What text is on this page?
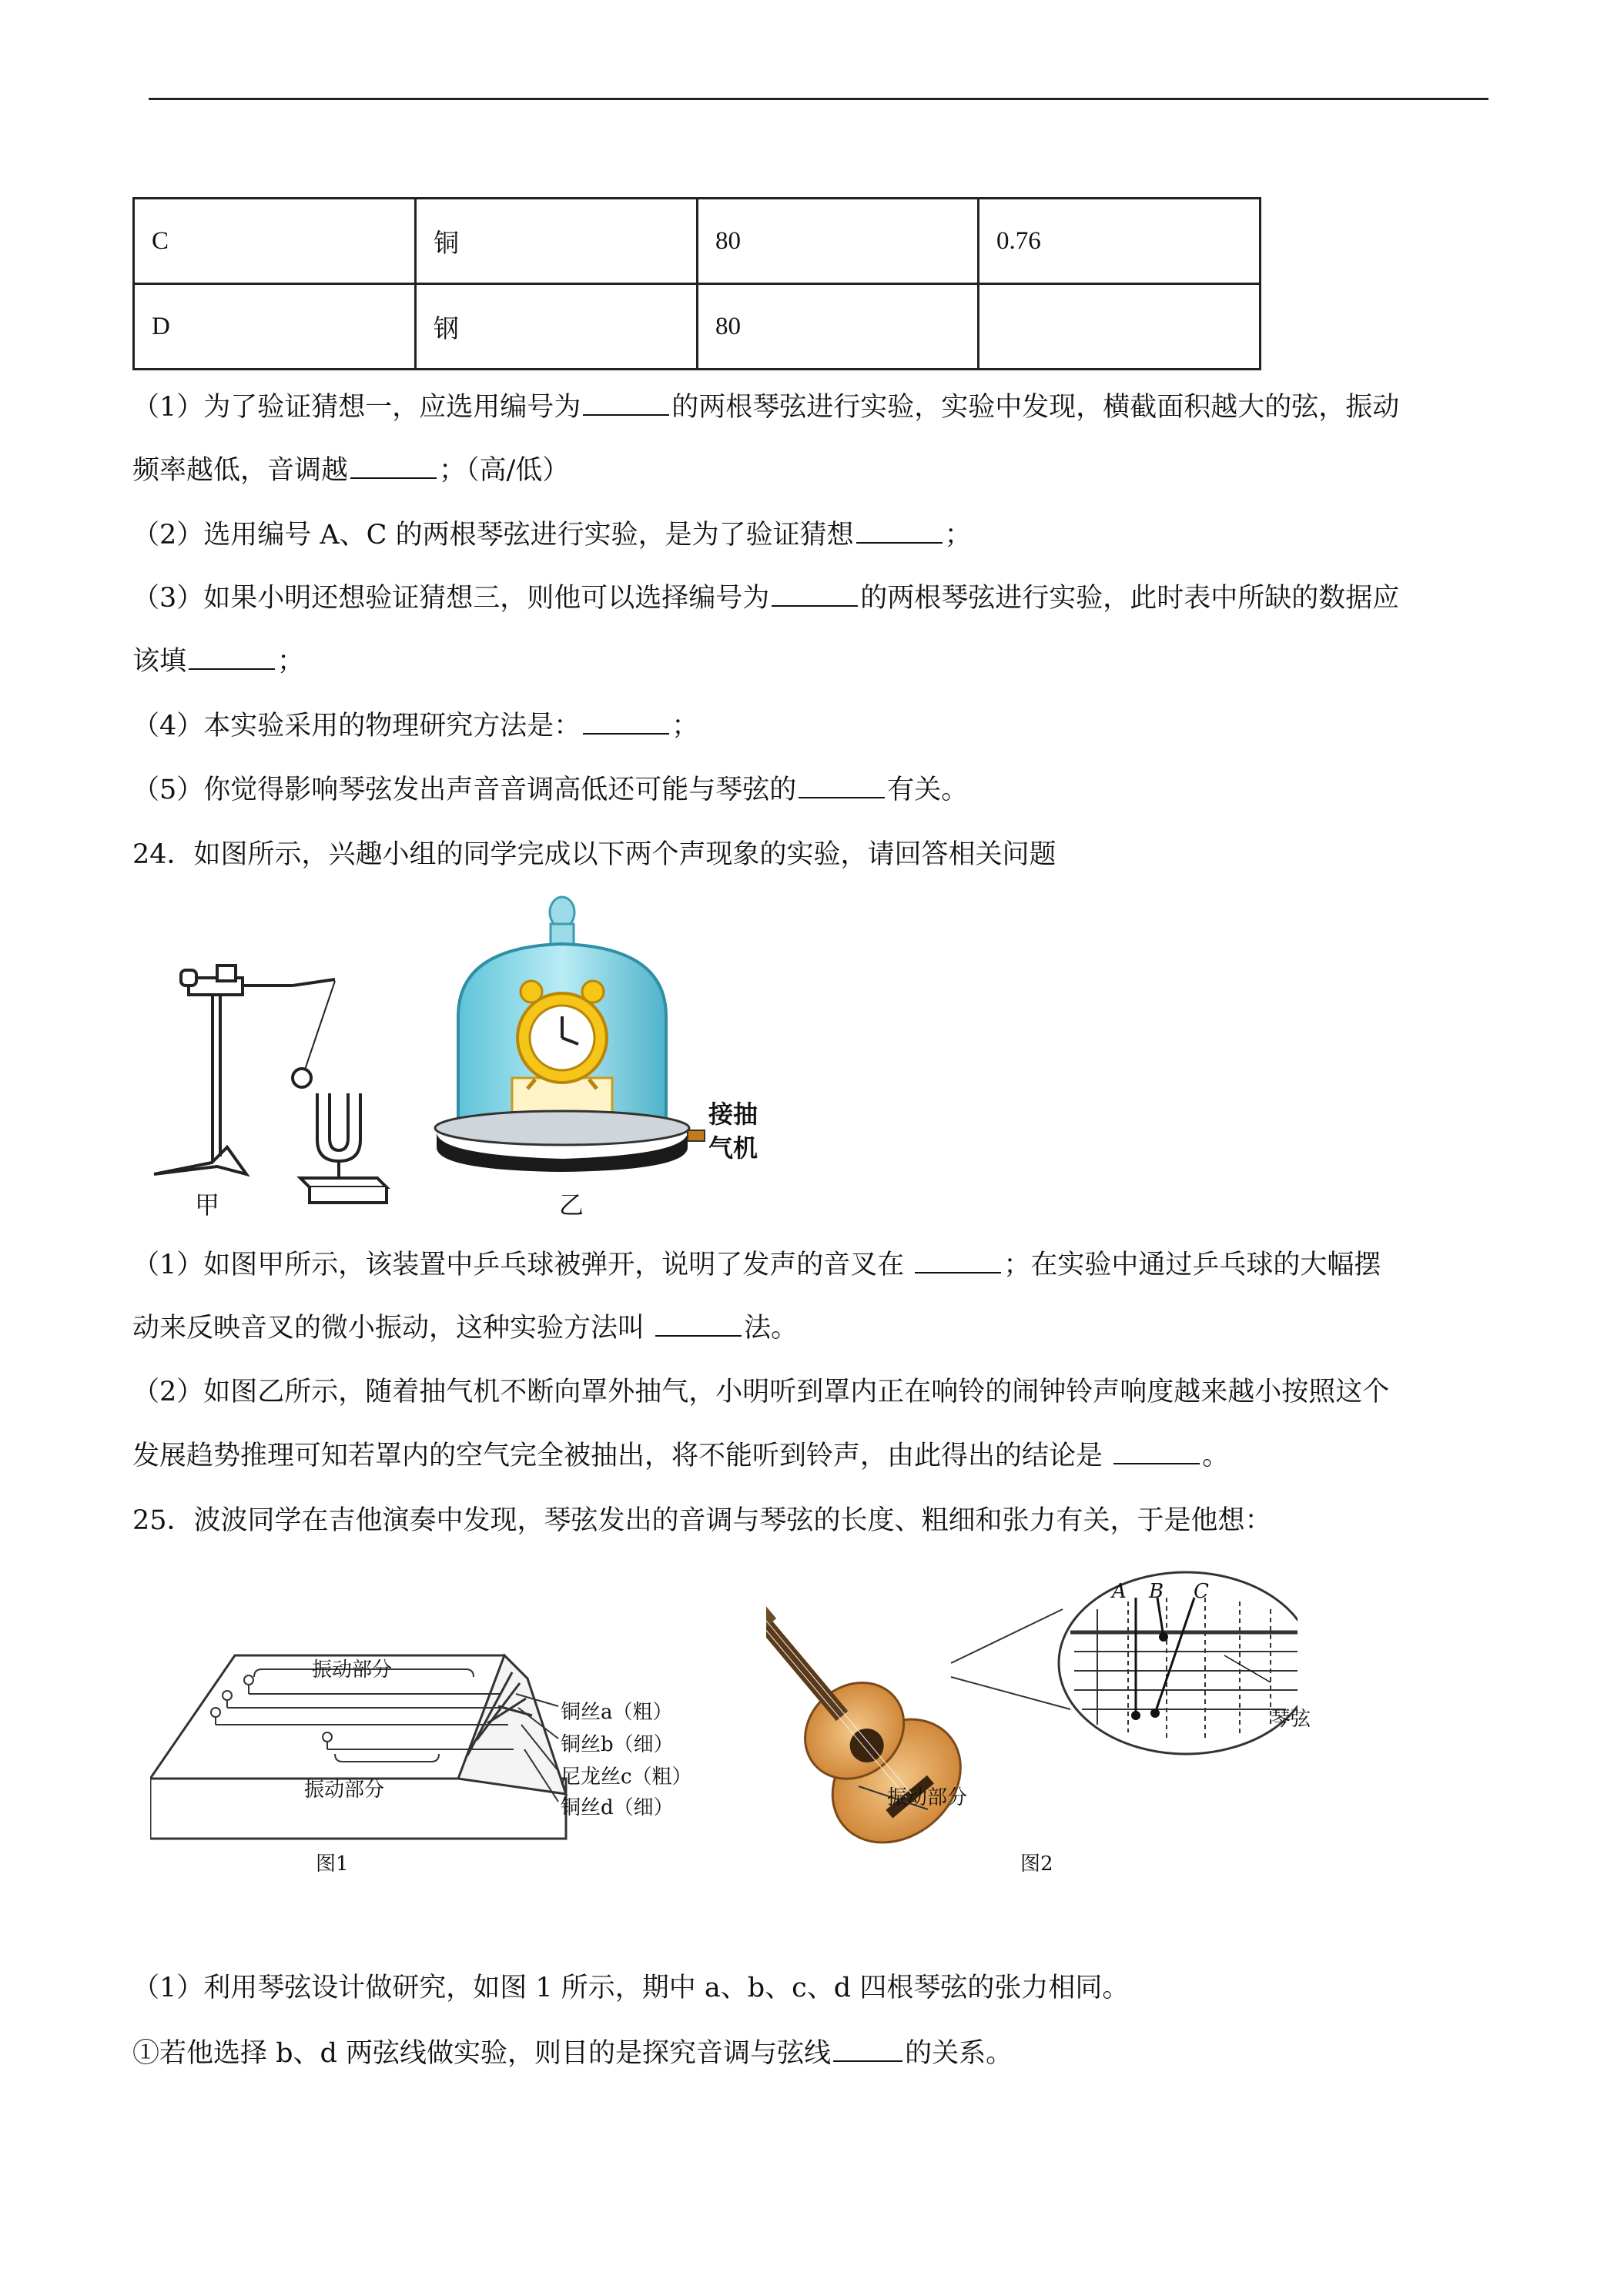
C	铜	80	0.76
D	钢	80	
（1）为了验证猜想一，应选用编号为	的两根琴弦进行实验，实验中发现，横截面积越大的弦，振动
频率越低，音调越	；（高/低）
（2）选用编号 A、C 的两根琴弦进行实验，是为了验证猜想	；
（3）如果小明还想验证猜想三，则他可以选择编号为	的两根琴弦进行实验，此时表中所缺的数据应
该填	；
（4）本实验采用的物理研究方法是：	；
（5）你觉得影响琴弦发出声音音调高低还可能与琴弦的	有关。
24．如图所示，兴趣小组的同学完成以下两个声现象的实验，请回答相关问题
甲
接抽
气机
乙
（1）如图甲所示，该装置中乒乓球被弹开，说明了发声的音叉在	；在实验中通过乒乓球的大幅摆
动来反映音叉的微小振动，这种实验方法叫	法。
（2）如图乙所示，随着抽气机不断向罩外抽气，小明听到罩内正在响铃的闹钟铃声响度越来越小按照这个
发展趋势推理可知若罩内的空气完全被抽出，将不能听到铃声，由此得出的结论是	。
25．波波同学在吉他演奏中发现，琴弦发出的音调与琴弦的长度、粗细和张力有关，于是他想：
振动部分
振动部分
铜丝a（粗）
铜丝b（细）
尼龙丝c（粗）
铜丝d（细）
图1
A B C
琴弦
振动部分
图2
（1）利用琴弦设计做研究，如图 1 所示，期中 a、b、c、d 四根琴弦的张力相同。
①若他选择 b、d 两弦线做实验，则目的是探究音调与弦线	的关系。
